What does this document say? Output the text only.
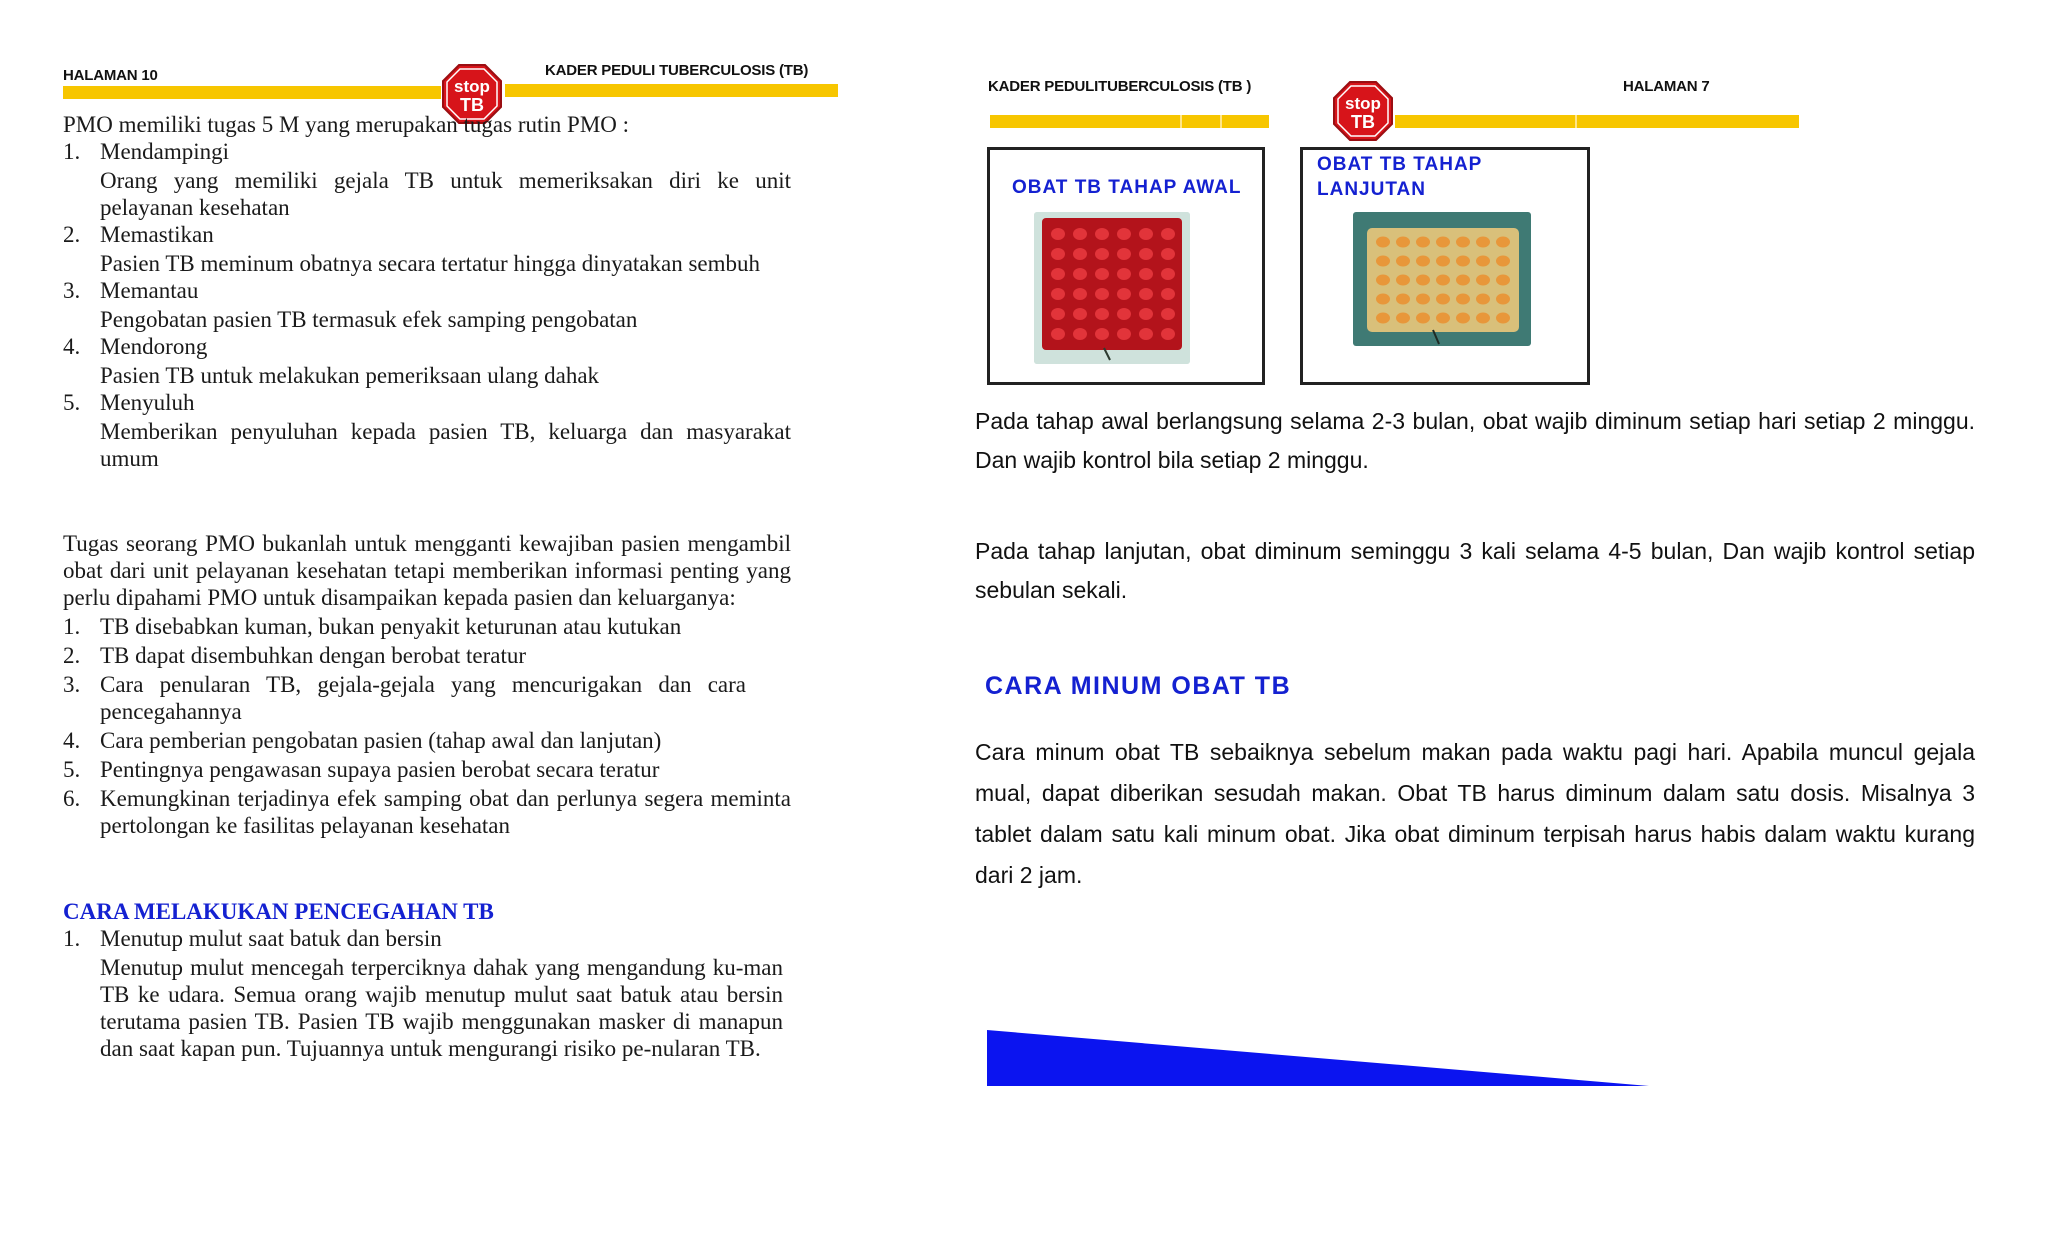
HALAMAN 10	KADER PEDULI TUBERCULOSIS (TB)
stop
TB

PMO memiliki tugas 5 M yang merupakan tugas rutin PMO :

1. Mendampingi
Orang yang memiliki gejala TB untuk memeriksakan diri ke unit pelayanan kesehatan
2. Memastikan
Pasien TB meminum obatnya secara tertatur hingga dinyatakan sembuh
3. Memantau
Pengobatan pasien TB termasuk efek samping pengobatan
4. Mendorong
Pasien TB untuk melakukan pemeriksaan ulang dahak
5. Menyuluh
Memberikan penyuluhan kepada pasien TB, keluarga dan masyarakat umum

Tugas seorang PMO bukanlah untuk mengganti kewajiban pasien mengambil obat dari unit pelayanan kesehatan tetapi memberikan informasi penting yang perlu dipahami PMO untuk disampaikan kepada pasien dan keluarganya:

1. TB disebabkan kuman, bukan penyakit keturunan atau kutukan
2. TB dapat disembuhkan dengan berobat teratur
3. Cara penularan TB, gejala-gejala yang mencurigakan dan cara pencegahannya
4. Cara pemberian pengobatan pasien (tahap awal dan lanjutan)
5. Pentingnya pengawasan supaya pasien berobat secara teratur
6. Kemungkinan terjadinya efek samping obat dan perlunya segera meminta pertolongan ke fasilitas pelayanan kesehatan

CARA MELAKUKAN PENCEGAHAN TB

1. Menutup mulut saat batuk dan bersin
Menutup mulut mencegah terperciknya dahak yang mengandung ku-man TB ke udara. Semua orang wajib menutup mulut saat batuk atau bersin terutama pasien TB. Pasien TB wajib menggunakan masker di manapun dan saat kapan pun. Tujuannya untuk mengurangi risiko pe-nularan TB.
KADER PEDULITUBERCULOSIS (TB )	HALAMAN 7
stop
TB
OBAT TB TAHAP AWAL
OBAT TB TAHAP LANJUTAN

Pada tahap awal berlangsung selama 2-3 bulan, obat wajib diminum setiap hari setiap 2 minggu. Dan wajib kontrol bila setiap 2 minggu.

Pada tahap lanjutan, obat diminum seminggu 3 kali selama 4-5 bulan, Dan wajib kontrol setiap sebulan sekali.

CARA MINUM OBAT TB

Cara minum obat TB sebaiknya sebelum makan pada waktu pagi hari. Apabila muncul gejala mual, dapat diberikan sesudah makan. Obat TB harus diminum dalam satu dosis. Misalnya 3 tablet dalam satu kali minum obat. Jika obat diminum terpisah harus habis dalam waktu kurang dari 2 jam.
